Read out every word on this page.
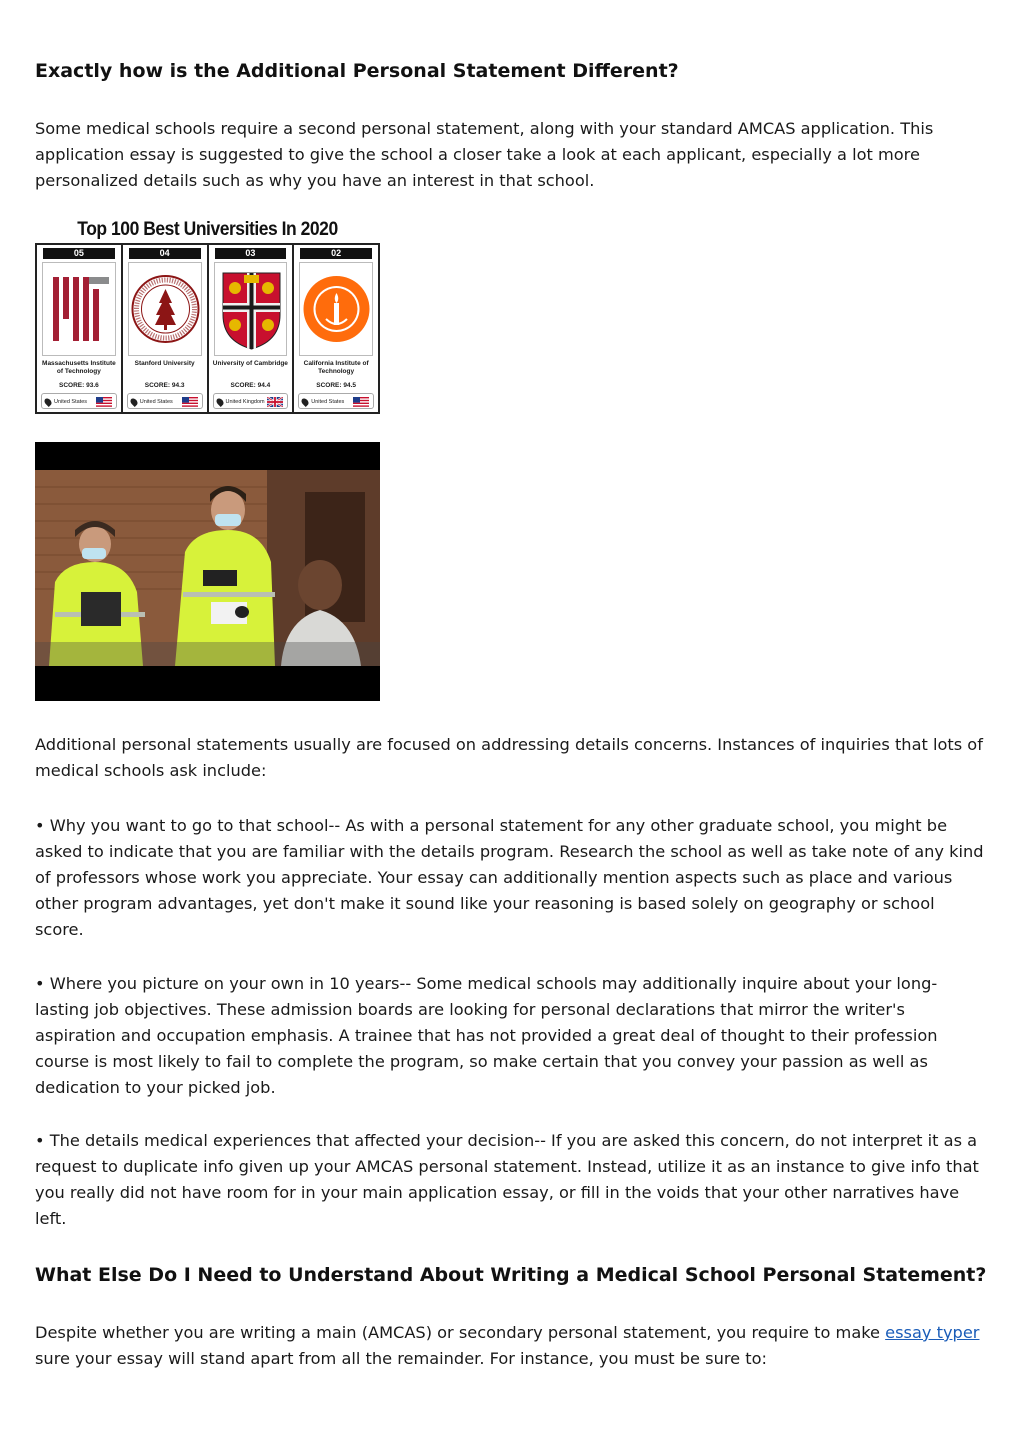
Exactly how is the Additional Personal Statement Different?

Some medical schools require a second personal statement, along with your standard AMCAS application. This application essay is suggested to give the school a closer take a look at each applicant, especially a lot more personalized details such as why you have an interest in that school.

Top 100 Best Universities In 2020
05
Massachusetts Institute of Technology
SCORE: 93.6
United States
04
Stanford University
SCORE: 94.3
United States
03
University of Cambridge
SCORE: 94.4
United Kingdom
02
California Institute of Technology
SCORE: 94.5
United States

Additional personal statements usually are focused on addressing details concerns. Instances of inquiries that lots of medical schools ask include:

• Why you want to go to that school-- As with a personal statement for any other graduate school, you might be asked to indicate that you are familiar with the details program. Research the school as well as take note of any kind of professors whose work you appreciate. Your essay can additionally mention aspects such as place and various other program advantages, yet don't make it sound like your reasoning is based solely on geography or school score.

• Where you picture on your own in 10 years-- Some medical schools may additionally inquire about your long-lasting job objectives. These admission boards are looking for personal declarations that mirror the writer's aspiration and occupation emphasis. A trainee that has not provided a great deal of thought to their profession course is most likely to fail to complete the program, so make certain that you convey your passion as well as dedication to your picked job.

• The details medical experiences that affected your decision-- If you are asked this concern, do not interpret it as a request to duplicate info given up your AMCAS personal statement. Instead, utilize it as an instance to give info that you really did not have room for in your main application essay, or fill in the voids that your other narratives have left.

What Else Do I Need to Understand About Writing a Medical School Personal Statement?

Despite whether you are writing a main (AMCAS) or secondary personal statement, you require to make essay typer sure your essay will stand apart from all the remainder. For instance, you must be sure to:
